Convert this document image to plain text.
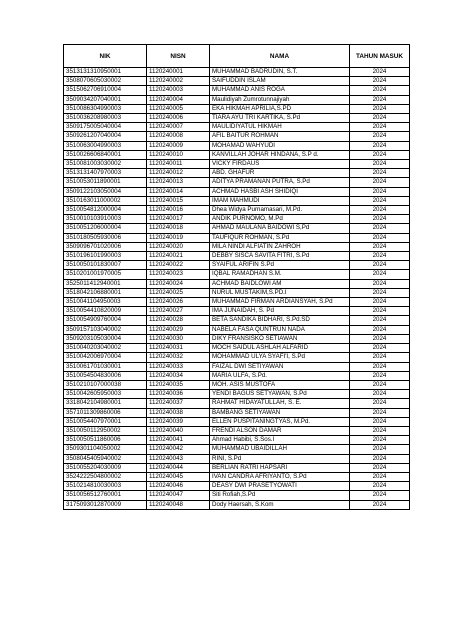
NIK	NISN	NAMA	TAHUN MASUK
3513131310950001	1120240001	MUHAMMAD BADRUDIN, S.T.	2024
3508070605030002	1120240002	SAIFUDDIN ISLAM	2024
3515062706910004	1120240003	MUHAMMAD ANIS ROGA	2024
3509034207040001	1120240004	Maulidiyah Zumrotunnajiyah	2024
3510086304990003	1120240005	EKA HIKMAH APRILIA,S.PD	2024
3510036208980003	1120240006	TIARA AYU TRI KARTIKA, S.Pd	2024
3509175005040004	1120240007	MAULIDIYATUL HIKMAH	2024
3509261207040004	1120240008	AFIL BAITUR ROHMAN	2024
3510063004990003	1120240009	MOHAMAD WAHYUDI	2024
3510026606840001	1120240010	KANVILLAH JOHAR HINDANA, S.P d.	2024
3510081003030002	1120240011	VICKY FIRDAUS	2024
3513131407970003	1120240012	ABD. GHAFUR	2024
3510053011890001	1120240013	ADITYA PRAMANAN PUTRA, S.Pd	2024
3509122103050004	1120240014	ACHMAD HASBI ASH SHIDIQI	2024
3510163011000002	1120240015	IMAM MAHMUDI	2024
3510054812000004	1120240016	Dhea Widya Purnamasari, M.Pd.	2024
3510010103910003	1120240017	ANDIK PURNOMO, M.Pd	2024
3510051206000004	1120240018	AHMAD MAULANA BAIDOWI S,Pd	2024
3510180505930006	1120240019	TAUFIQUR ROHMAN, S.Pd	2024
3509096701020006	1120240020	MILA NINDI ALFIATIN ZAHROH	2024
3510196101990003	1120240021	DEBBY SISCA SAVITA FITRI, S.Pd	2024
3510050101830007	1120240022	SYAIFUL ARIFIN S.Pd	2024
3510201001970005	1120240023	IQBAL RAMADHAN S.M.	2024
3525011412940001	1120240024	ACHMAD BAIDLOWI AM	2024
3518042106880001	1120240025	NURUL MUSTAKIM,S.PD.I	2024
3510041104950003	1120240026	MUHAMMAD FIRMAN ARDIANSYAH, S.Pd	2024
3510054410820009	1120240027	IMA JUNAIDAH, S. Pd	2024
3510054909760004	1120240028	BETA SANDIKA BIDHARI, S.Pd.SD	2024
3509157103040002	1120240029	NABELA FASA QUNTRUN NADA	2024
3509203105030004	1120240030	DIKY FRANSISKO SETIAWAN	2024
3510040203040002	1120240031	MOCH SAIDUL ASHLAH ALFARID	2024
3510042006970004	1120240032	MOHAMMAD ULYA SYAFI'I, S.Pd	2024
3510061701030001	1120240033	FAIZAL DWI SETIYAWAN	2024
3510054504830006	1120240034	MARIA ULFA, S.Pd.	2024
3510210107000038	1120240035	MOH. ASIS MUSTOFA	2024
3510042605950003	1120240036	YENDI BAGUS SETYAWAN, S.Pd	2024
3318042104980001	1120240037	RAHMAT HIDAYATULLAH, S. E.	2024
3571011309860006	1120240038	BAMBANG SETIYAWAN	2024
3510054407970001	1120240039	ELLEN PUSPITANINGTYAS, M.Pd.	2024
3510050112950002	1120240040	FRENDI ALSON DAMAR	2024
3510050511860006	1120240041	Ahmad Habibi, S.Sos.I	2024
3509301104050002	1120240042	MUHAMMAD UBAIDILLAH	2024
3508045405940002	1120240043	RINI, S.Pd	2024
3510055204030009	1120240044	BERLIAN RATRI HAPSARI	2024
3524222504800002	1120240045	IVAN CANDRA AFRIYANTO, S.Pd	2024
3510214810030003	1120240046	DEASY DWI PRASETYOWATI	2024
3510056512760001	1120240047	Siti Rofiah,S.Pd	2024
3175093012870009	1120240048	Dody Haersah, S.Kom	2024
